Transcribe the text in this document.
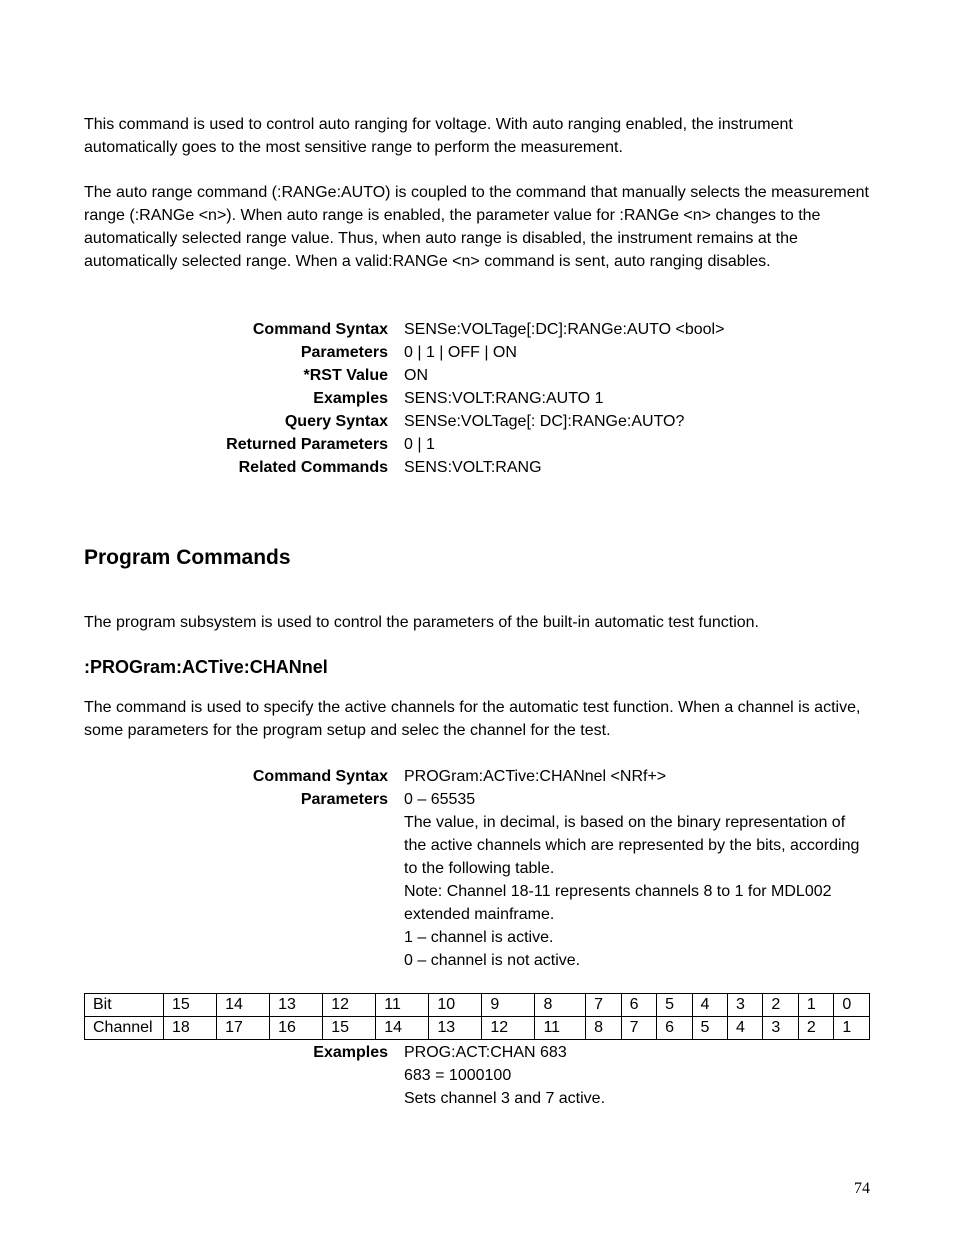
This command is used to control auto ranging for voltage. With auto ranging enabled, the instrument automatically goes to the most sensitive range to perform the measurement.

The auto range command (:RANGe:AUTO) is coupled to the command that manually selects the measurement range (:RANGe <n>). When auto range is enabled, the parameter value for :RANGe <n> changes to the automatically selected range value. Thus, when auto range is disabled, the instrument remains at the automatically selected range. When a valid:RANGe <n> command is sent, auto ranging disables.

Command Syntax	SENSe:VOLTage[:DC]:RANGe:AUTO <bool>
Parameters	0 | 1 | OFF | ON
*RST Value	ON
Examples	SENS:VOLT:RANG:AUTO 1
Query Syntax	SENSe:VOLTage[: DC]:RANGe:AUTO?
Returned Parameters	0 | 1
Related Commands	SENS:VOLT:RANG
Program Commands

The program subsystem is used to control the parameters of the built-in automatic test function.

:PROGram:ACTive:CHANnel

The command is used to specify the active channels for the automatic test function. When a channel is active, some parameters for the program setup and selec the channel for the test.

Command Syntax	PROGram:ACTive:CHANnel <NRf+>
Parameters	0 – 65535
The value, in decimal, is based on the binary representation of the active channels which are represented by the bits, according to the following table.
Note: Channel 18-11 represents channels 8 to 1 for MDL002 extended mainframe.
1 – channel is active.
0 – channel is not active.
Bit	15	14	13	12	11	10	9	8	7	6	5	4	3	2	1	0
Channel	18	17	16	15	14	13	12	11	8	7	6	5	4	3	2	1
Examples	PROG:ACT:CHAN 683
683 = 1000100
Sets channel 3 and 7 active.
74
